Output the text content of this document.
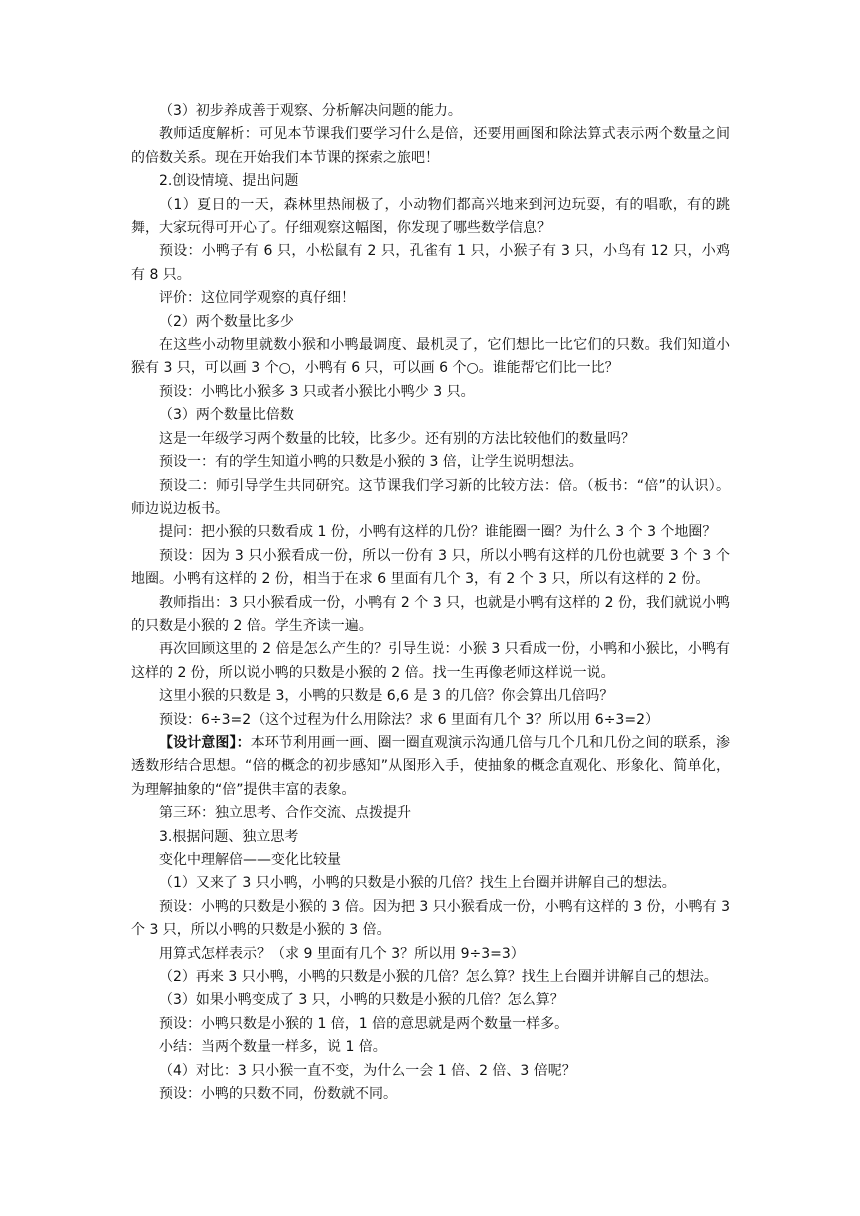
（3）初步养成善于观察、分析解决问题的能力。

教师适度解析：可见本节课我们要学习什么是倍，还要用画图和除法算式表示两个数量之间的倍数关系。现在开始我们本节课的探索之旅吧！

2.创设情境、提出问题

（1）夏日的一天，森林里热闹极了，小动物们都高兴地来到河边玩耍，有的唱歌，有的跳舞，大家玩得可开心了。仔细观察这幅图，你发现了哪些数学信息？

预设：小鸭子有 6 只，小松鼠有 2 只，孔雀有 1 只，小猴子有 3 只，小鸟有 12 只，小鸡有 8 只。

评价：这位同学观察的真仔细！

（2）两个数量比多少

在这些小动物里就数小猴和小鸭最调度、最机灵了，它们想比一比它们的只数。我们知道小猴有 3 只，可以画 3 个○，小鸭有 6 只，可以画 6 个○。谁能帮它们比一比？

预设：小鸭比小猴多 3 只或者小猴比小鸭少 3 只。

（3）两个数量比倍数

这是一年级学习两个数量的比较，比多少。还有别的方法比较他们的数量吗？

预设一：有的学生知道小鸭的只数是小猴的 3 倍，让学生说明想法。

预设二：师引导学生共同研究。这节课我们学习新的比较方法：倍。（板书：“倍”的认识）。师边说边板书。

提问：把小猴的只数看成 1 份，小鸭有这样的几份？谁能圈一圈？为什么 3 个 3 个地圈？

预设：因为 3 只小猴看成一份，所以一份有 3 只，所以小鸭有这样的几份也就要 3 个 3 个地圈。小鸭有这样的 2 份，相当于在求 6 里面有几个 3，有 2 个 3 只，所以有这样的 2 份。

教师指出：3 只小猴看成一份，小鸭有 2 个 3 只，也就是小鸭有这样的 2 份，我们就说小鸭的只数是小猴的 2 倍。学生齐读一遍。

再次回顾这里的 2 倍是怎么产生的？引导生说：小猴 3 只看成一份，小鸭和小猴比，小鸭有这样的 2 份，所以说小鸭的只数是小猴的 2 倍。找一生再像老师这样说一说。

这里小猴的只数是 3，小鸭的只数是 6,6 是 3 的几倍？你会算出几倍吗？

预设：6÷3=2（这个过程为什么用除法？求 6 里面有几个 3？所以用 6÷3=2）

【设计意图】：本环节利用画一画、圈一圈直观演示沟通几倍与几个几和几份之间的联系，渗透数形结合思想。“倍的概念的初步感知”从图形入手，使抽象的概念直观化、形象化、简单化，为理解抽象的“倍”提供丰富的表象。

第三环：独立思考、合作交流、点拨提升

3.根据问题、独立思考

变化中理解倍——变化比较量

（1）又来了 3 只小鸭，小鸭的只数是小猴的几倍？找生上台圈并讲解自己的想法。

预设：小鸭的只数是小猴的 3 倍。因为把 3 只小猴看成一份，小鸭有这样的 3 份，小鸭有 3 个 3 只，所以小鸭的只数是小猴的 3 倍。

用算式怎样表示？（求 9 里面有几个 3？所以用 9÷3=3）

（2）再来 3 只小鸭，小鸭的只数是小猴的几倍？怎么算？找生上台圈并讲解自己的想法。

（3）如果小鸭变成了 3 只，小鸭的只数是小猴的几倍？怎么算？

预设：小鸭只数是小猴的 1 倍，1 倍的意思就是两个数量一样多。

小结：当两个数量一样多，说 1 倍。

（4）对比：3 只小猴一直不变，为什么一会 1 倍、2 倍、3 倍呢？

预设：小鸭的只数不同，份数就不同。
